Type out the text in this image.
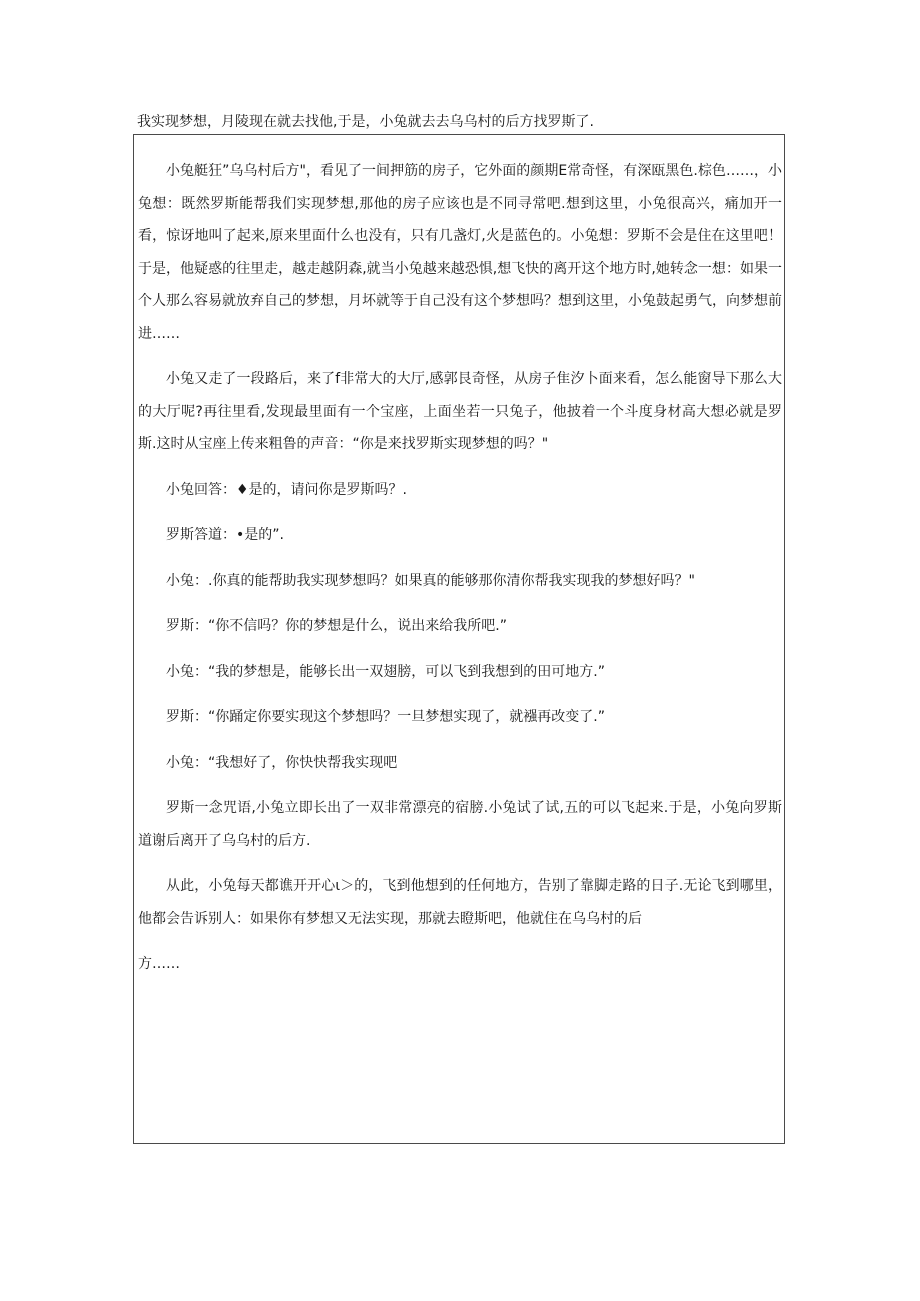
我实现梦想，月陵现在就去找他,于是，小兔就去去乌乌村的后方找罗斯了.

小兔艇狂”乌乌村后方"，看见了一间押筋的房子，它外面的颜期E常奇怪，有深瓯黑色.棕色……，小兔想：既然罗斯能帮我们实现梦想,那他的房子应该也是不同寻常吧.想到这里，小兔很高兴，痛加开一看，惊讶地叫了起来,原来里面什么也没有，只有几盏灯,火是蓝色的。小兔想：罗斯不会是住在这里吧！于是，他疑惑的往里走，越走越阴森,就当小兔越来越恐惧,想飞快的离开这个地方时,她转念一想：如果一个人那么容易就放弃自己的梦想，月坏就等于自己没有这个梦想吗？想到这里，小兔鼓起勇气，向梦想前进……

小兔又走了一段路后，来了f非常大的大厅,感郭艮奇怪，从房子隹汐卜面来看，怎么能窗导下那么大的大厅呢?再往里看,发现最里面有一个宝座，上面坐若一只兔子，他披着一个斗度身材高大想必就是罗斯.这时从宝座上传来粗鲁的声音：“你是来找罗斯实现梦想的吗？"

小兔回答：♦是的，请问你是罗斯吗？.

罗斯答道：•是的”.

小兔：.你真的能帮助我实现梦想吗？如果真的能够那你清你帮我实现我的梦想好吗？"

罗斯：“你不信吗？你的梦想是什么，说出来给我所吧.”

小兔：“我的梦想是，能够长出一双翅膀，可以飞到我想到的田可地方.”

罗斯：“你踊定你要实现这个梦想吗？一旦梦想实现了，就襁再改变了.”

小兔：“我想好了，你快快帮我实现吧

罗斯一念咒语,小兔立即长出了一双非常漂亮的宿膀.小兔试了试,五的可以飞起来.于是，小兔向罗斯道谢后离开了乌乌村的后方.

从此，小兔每天都谯开开心ι＞的，飞到他想到的任何地方，告别了靠脚走路的日子.无论飞到哪里，他都会告诉别人：如果你有梦想又无法实现，那就去瞪斯吧，他就住在乌乌村的后

方……
